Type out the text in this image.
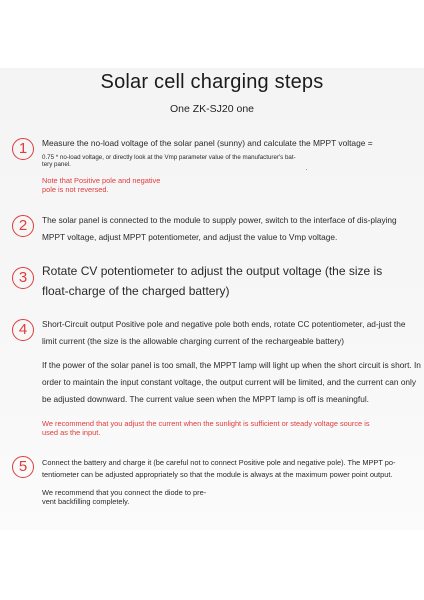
Solar cell charging steps
One ZK-SJ20 one
1	Measure the no-load voltage of the solar panel (sunny) and calculate the MPPT voltage =
0.75 * no-load voltage, or directly look at the Vmp parameter value of the manufacturer's bat-
tery panel.
Note that Positive pole and negative pole is not reversed.
2	The solar panel is connected to the module to supply power, switch to the interface of dis-playing MPPT voltage, adjust MPPT potentiometer, and adjust the value to Vmp voltage.
3	Rotate CV potentiometer to adjust the output voltage (the size is float-charge of the charged battery)
4	Short-Circuit output Positive pole and negative pole both ends, rotate CC potentiometer, ad-just the limit current (the size is the allowable charging current of the rechargeable battery)
If the power of the solar panel is too small, the MPPT lamp will light up when the short circuit is short. In order to maintain the input constant voltage, the output current will be limited, and the current can only be adjusted downward. The current value seen when the MPPT lamp is off is meaningful.
We recommend that you adjust the current when the sunlight is sufficient or steady voltage source is used as the input.
5	Connect the battery and charge it (be careful not to connect Positive pole and negative pole). The MPPT po-tentiometer can be adjusted appropriately so that the module is always at the maximum power point output.
We recommend that you connect the diode to pre-
vent backfilling completely.
